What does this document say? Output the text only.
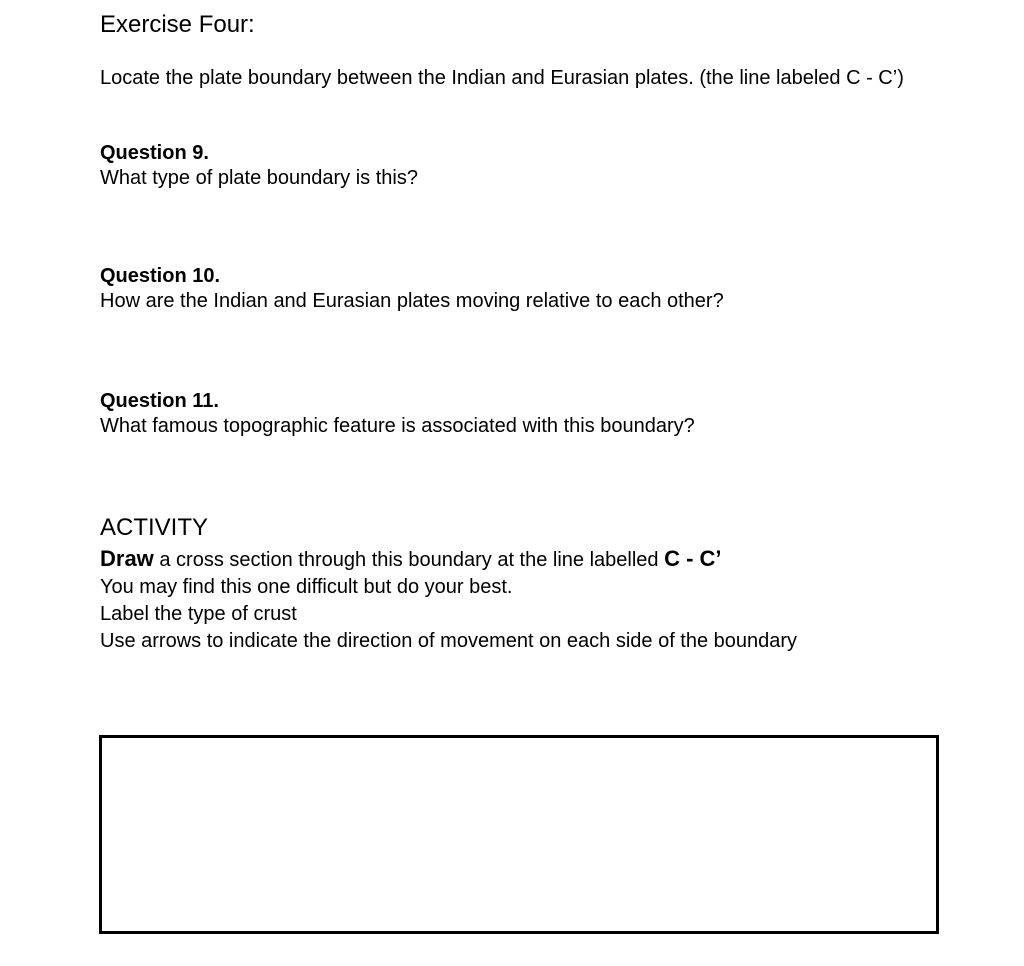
Exercise Four:

Locate the plate boundary between the Indian and Eurasian plates. (the line labeled C - C’)

Question 9.

What type of plate boundary is this?

Question 10.

How are the Indian and Eurasian plates moving relative to each other?

Question 11.

What famous topographic feature is associated with this boundary?

ACTIVITY

Draw a cross section through this boundary at the line labelled C - C’

You may find this one difficult but do your best.

Label the type of crust

Use arrows to indicate the direction of movement on each side of the boundary
